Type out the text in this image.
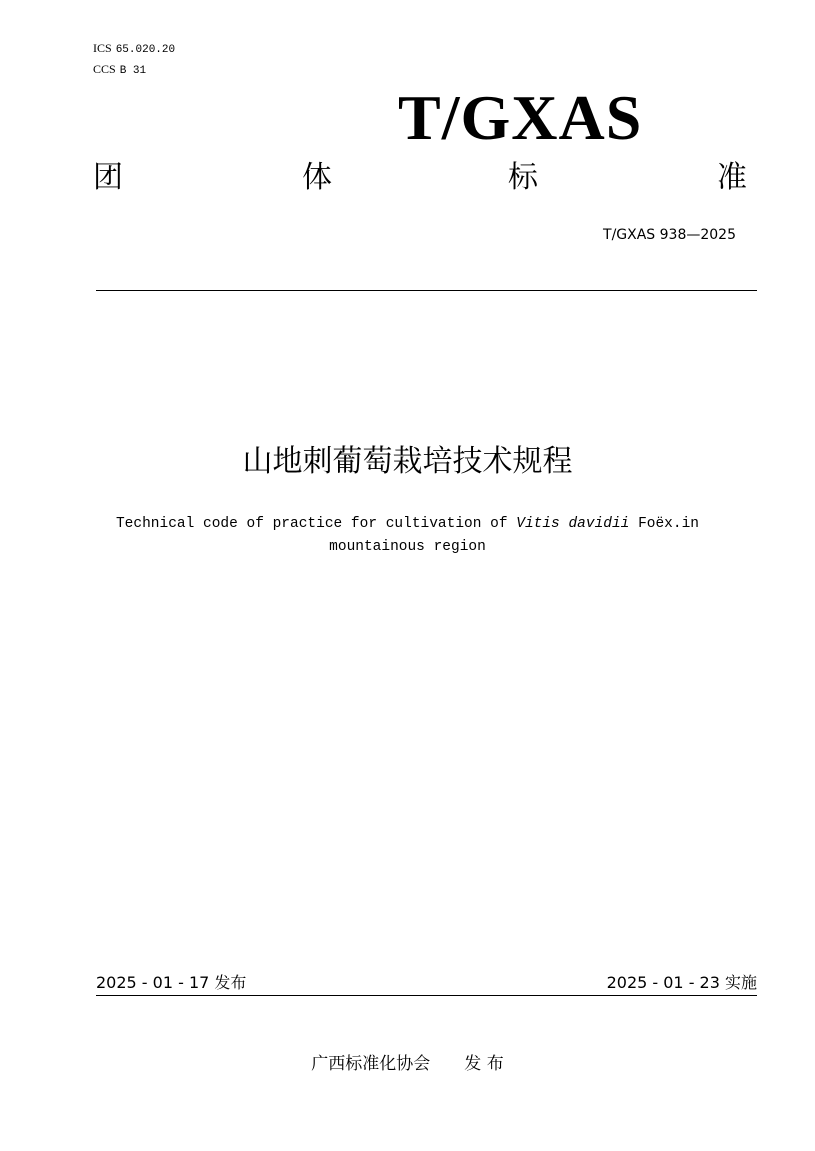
ICS 65.020.20
CCS B 31
T/GXAS
团	体	标	准
T/GXAS 938—2025
山地刺葡萄栽培技术规程
Technical code of practice for cultivation of Vitis davidii Foëx.in
mountainous region
2025 - 01 - 17 发布	2025 - 01 - 23 实施
广西标准化协会 发 布
